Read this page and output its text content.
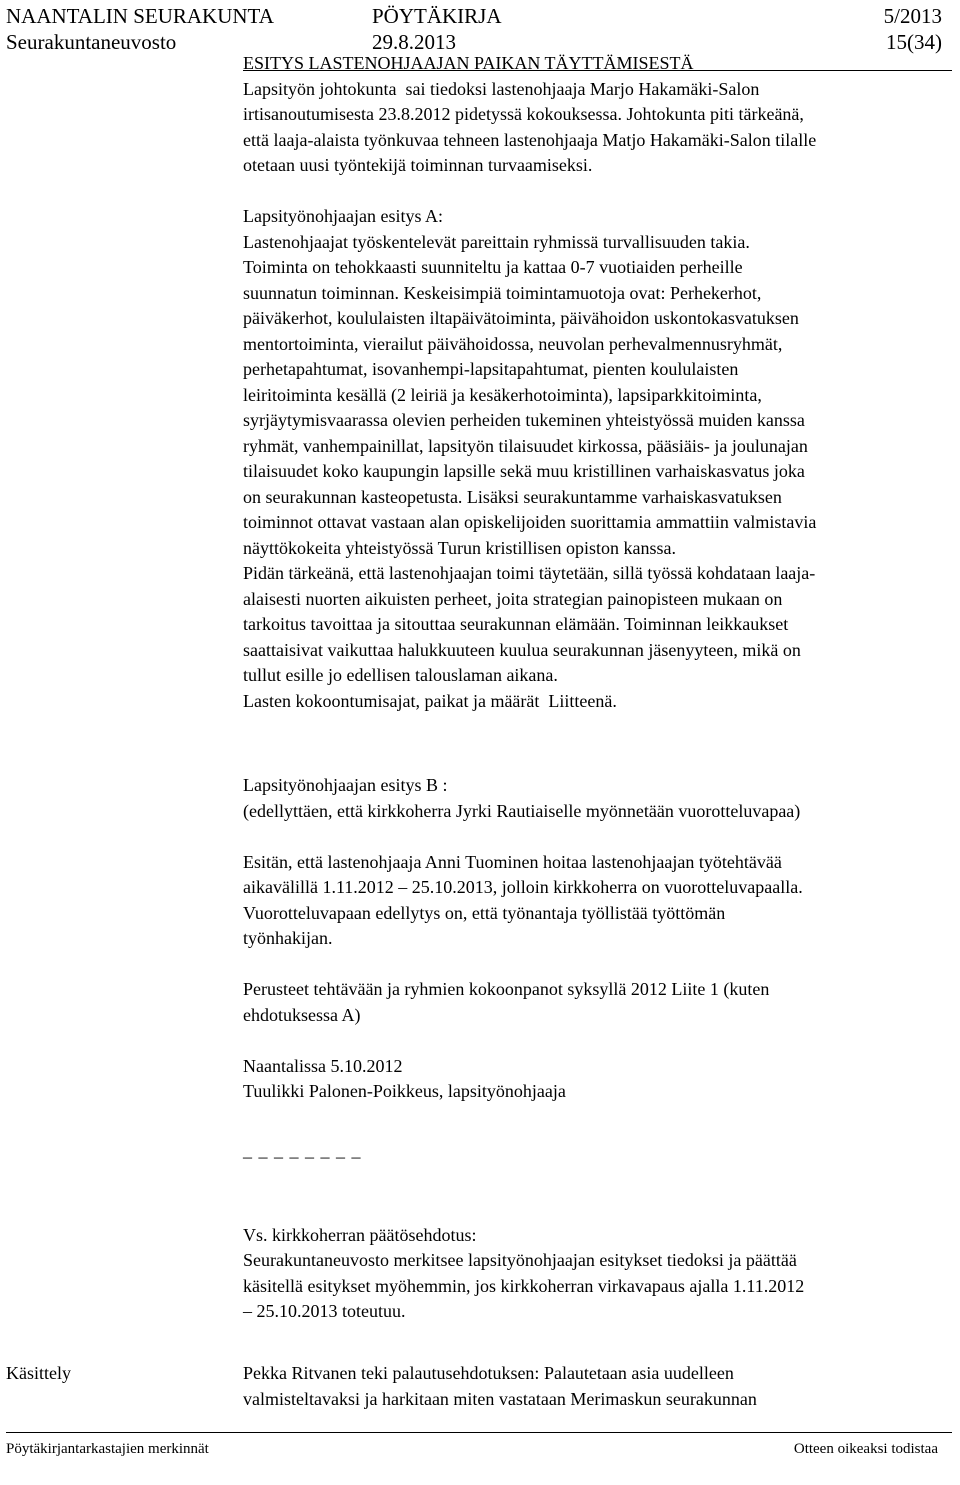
NAANTALIN SEURAKUNTA	PÖYTÄKIRJA	5/2013
Seurakuntaneuvosto	29.8.2013	15(34)

ESITYS LASTENOHJAAJAN PAIKAN TÄYTTÄMISESTÄ

Lapsityön johtokunta  sai tiedoksi lastenohjaaja Marjo Hakamäki-Salon

irtisanoutumisesta 23.8.2012 pidetyssä kokouksessa. Johtokunta piti tärkeänä,

että laaja-alaista työnkuvaa tehneen lastenohjaaja Matjo Hakamäki-Salon tilalle

otetaan uusi työntekijä toiminnan turvaamiseksi.

Lapsityönohjaajan esitys A:

Lastenohjaajat työskentelevät pareittain ryhmissä turvallisuuden takia.

Toiminta on tehokkaasti suunniteltu ja kattaa 0-7 vuotiaiden perheille

suunnatun toiminnan. Keskeisimpiä toimintamuotoja ovat: Perhekerhot,

päiväkerhot, koululaisten iltapäivätoiminta, päivähoidon uskontokasvatuksen

mentortoiminta, vierailut päivähoidossa, neuvolan perhevalmennusryhmät,

perhetapahtumat, isovanhempi-lapsitapahtumat, pienten koululaisten

leiritoiminta kesällä (2 leiriä ja kesäkerhotoiminta), lapsiparkkitoiminta,

syrjäytymisvaarassa olevien perheiden tukeminen yhteistyössä muiden kanssa

ryhmät, vanhempainillat, lapsityön tilaisuudet kirkossa, pääsiäis- ja joulunajan

tilaisuudet koko kaupungin lapsille sekä muu kristillinen varhaiskasvatus joka

on seurakunnan kasteopetusta. Lisäksi seurakuntamme varhaiskasvatuksen

toiminnot ottavat vastaan alan opiskelijoiden suorittamia ammattiin valmistavia

näyttökokeita yhteistyössä Turun kristillisen opiston kanssa.

Pidän tärkeänä, että lastenohjaajan toimi täytetään, sillä työssä kohdataan laaja-

alaisesti nuorten aikuisten perheet, joita strategian painopisteen mukaan on

tarkoitus tavoittaa ja sitouttaa seurakunnan elämään. Toiminnan leikkaukset

saattaisivat vaikuttaa halukkuuteen kuulua seurakunnan jäsenyyteen, mikä on

tullut esille jo edellisen talouslaman aikana.

Lasten kokoontumisajat, paikat ja määrät  Liitteenä.

Lapsityönohjaajan esitys B :

(edellyttäen, että kirkkoherra Jyrki Rautiaiselle myönnetään vuorotteluvapaa)

Esitän, että lastenohjaaja Anni Tuominen hoitaa lastenohjaajan työtehtävää

aikavälillä 1.11.2012 – 25.10.2013, jolloin kirkkoherra on vuorotteluvapaalla.

Vuorotteluvapaan edellytys on, että työnantaja työllistää työttömän

työnhakijan.

Perusteet tehtävään ja ryhmien kokoonpanot syksyllä 2012 Liite 1 (kuten

ehdotuksessa A)

Naantalissa 5.10.2012

Tuulikki Palonen-Poikkeus, lapsityönohjaaja

_ _ _ _ _ _ _ _

Vs. kirkkoherran päätösehdotus:

Seurakuntaneuvosto merkitsee lapsityönohjaajan esitykset tiedoksi ja päättää

käsitellä esitykset myöhemmin, jos kirkkoherran virkavapaus ajalla 1.11.2012

– 25.10.2013 toteutuu.

Käsittely	Pekka Ritvanen teki palautusehdotuksen: Palautetaan asia uudelleen

valmisteltavaksi ja harkitaan miten vastataan Merimaskun seurakunnan

Pöytäkirjantarkastajien merkinnät	Otteen oikeaksi todistaa
